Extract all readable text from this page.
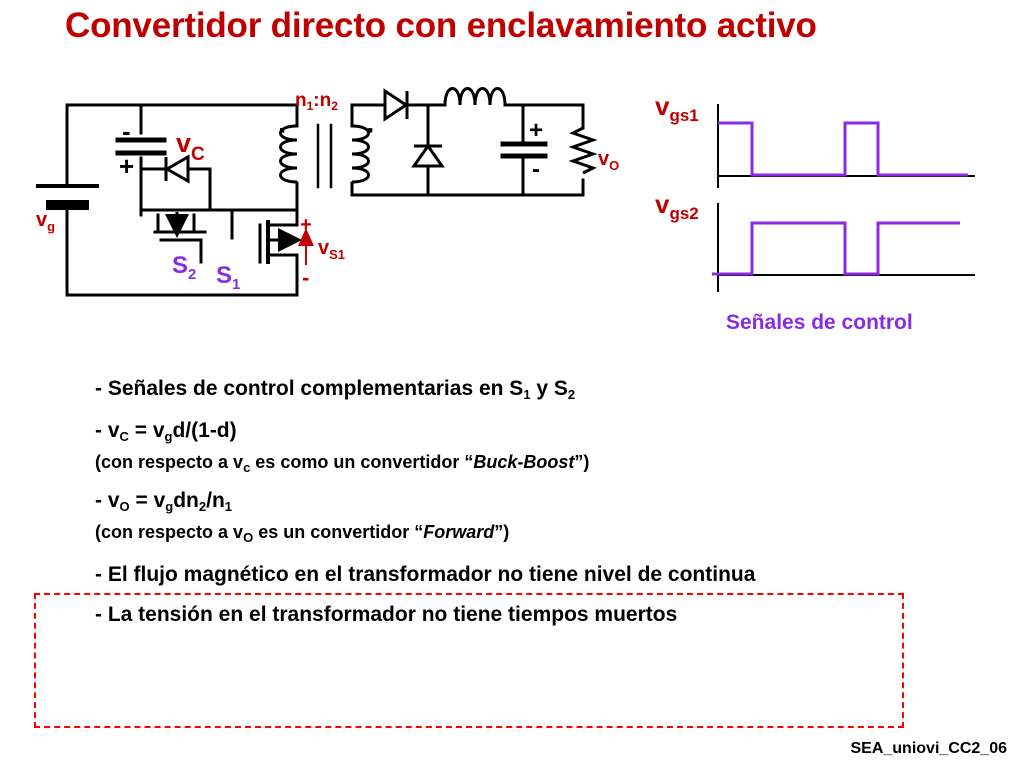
Convertidor directo con enclavamiento activo
$n_1:n_2$
·	·
$v_g$
-
+
$v_C$
$S_2$ $S_1$
+
-
$v_{S1}$
+
-	$v_O$
$v_{gs1}$
$v_{gs2}$
Señales de control

- Señales de control complementarias en $S_1$ y $S_2$

- $v_C = v_gd/(1-d)$

(con respecto a $v_c$ es como un convertidor “Buck-Boost”)

- $v_O = v_gdn_2/n_1$

(con respecto a $v_O$ es un convertidor “Forward”)

- El flujo magnético en el transformador no tiene nivel de continua

- La tensión en el transformador no tiene tiempos muertos

SEA_uniovi_CC2_06
